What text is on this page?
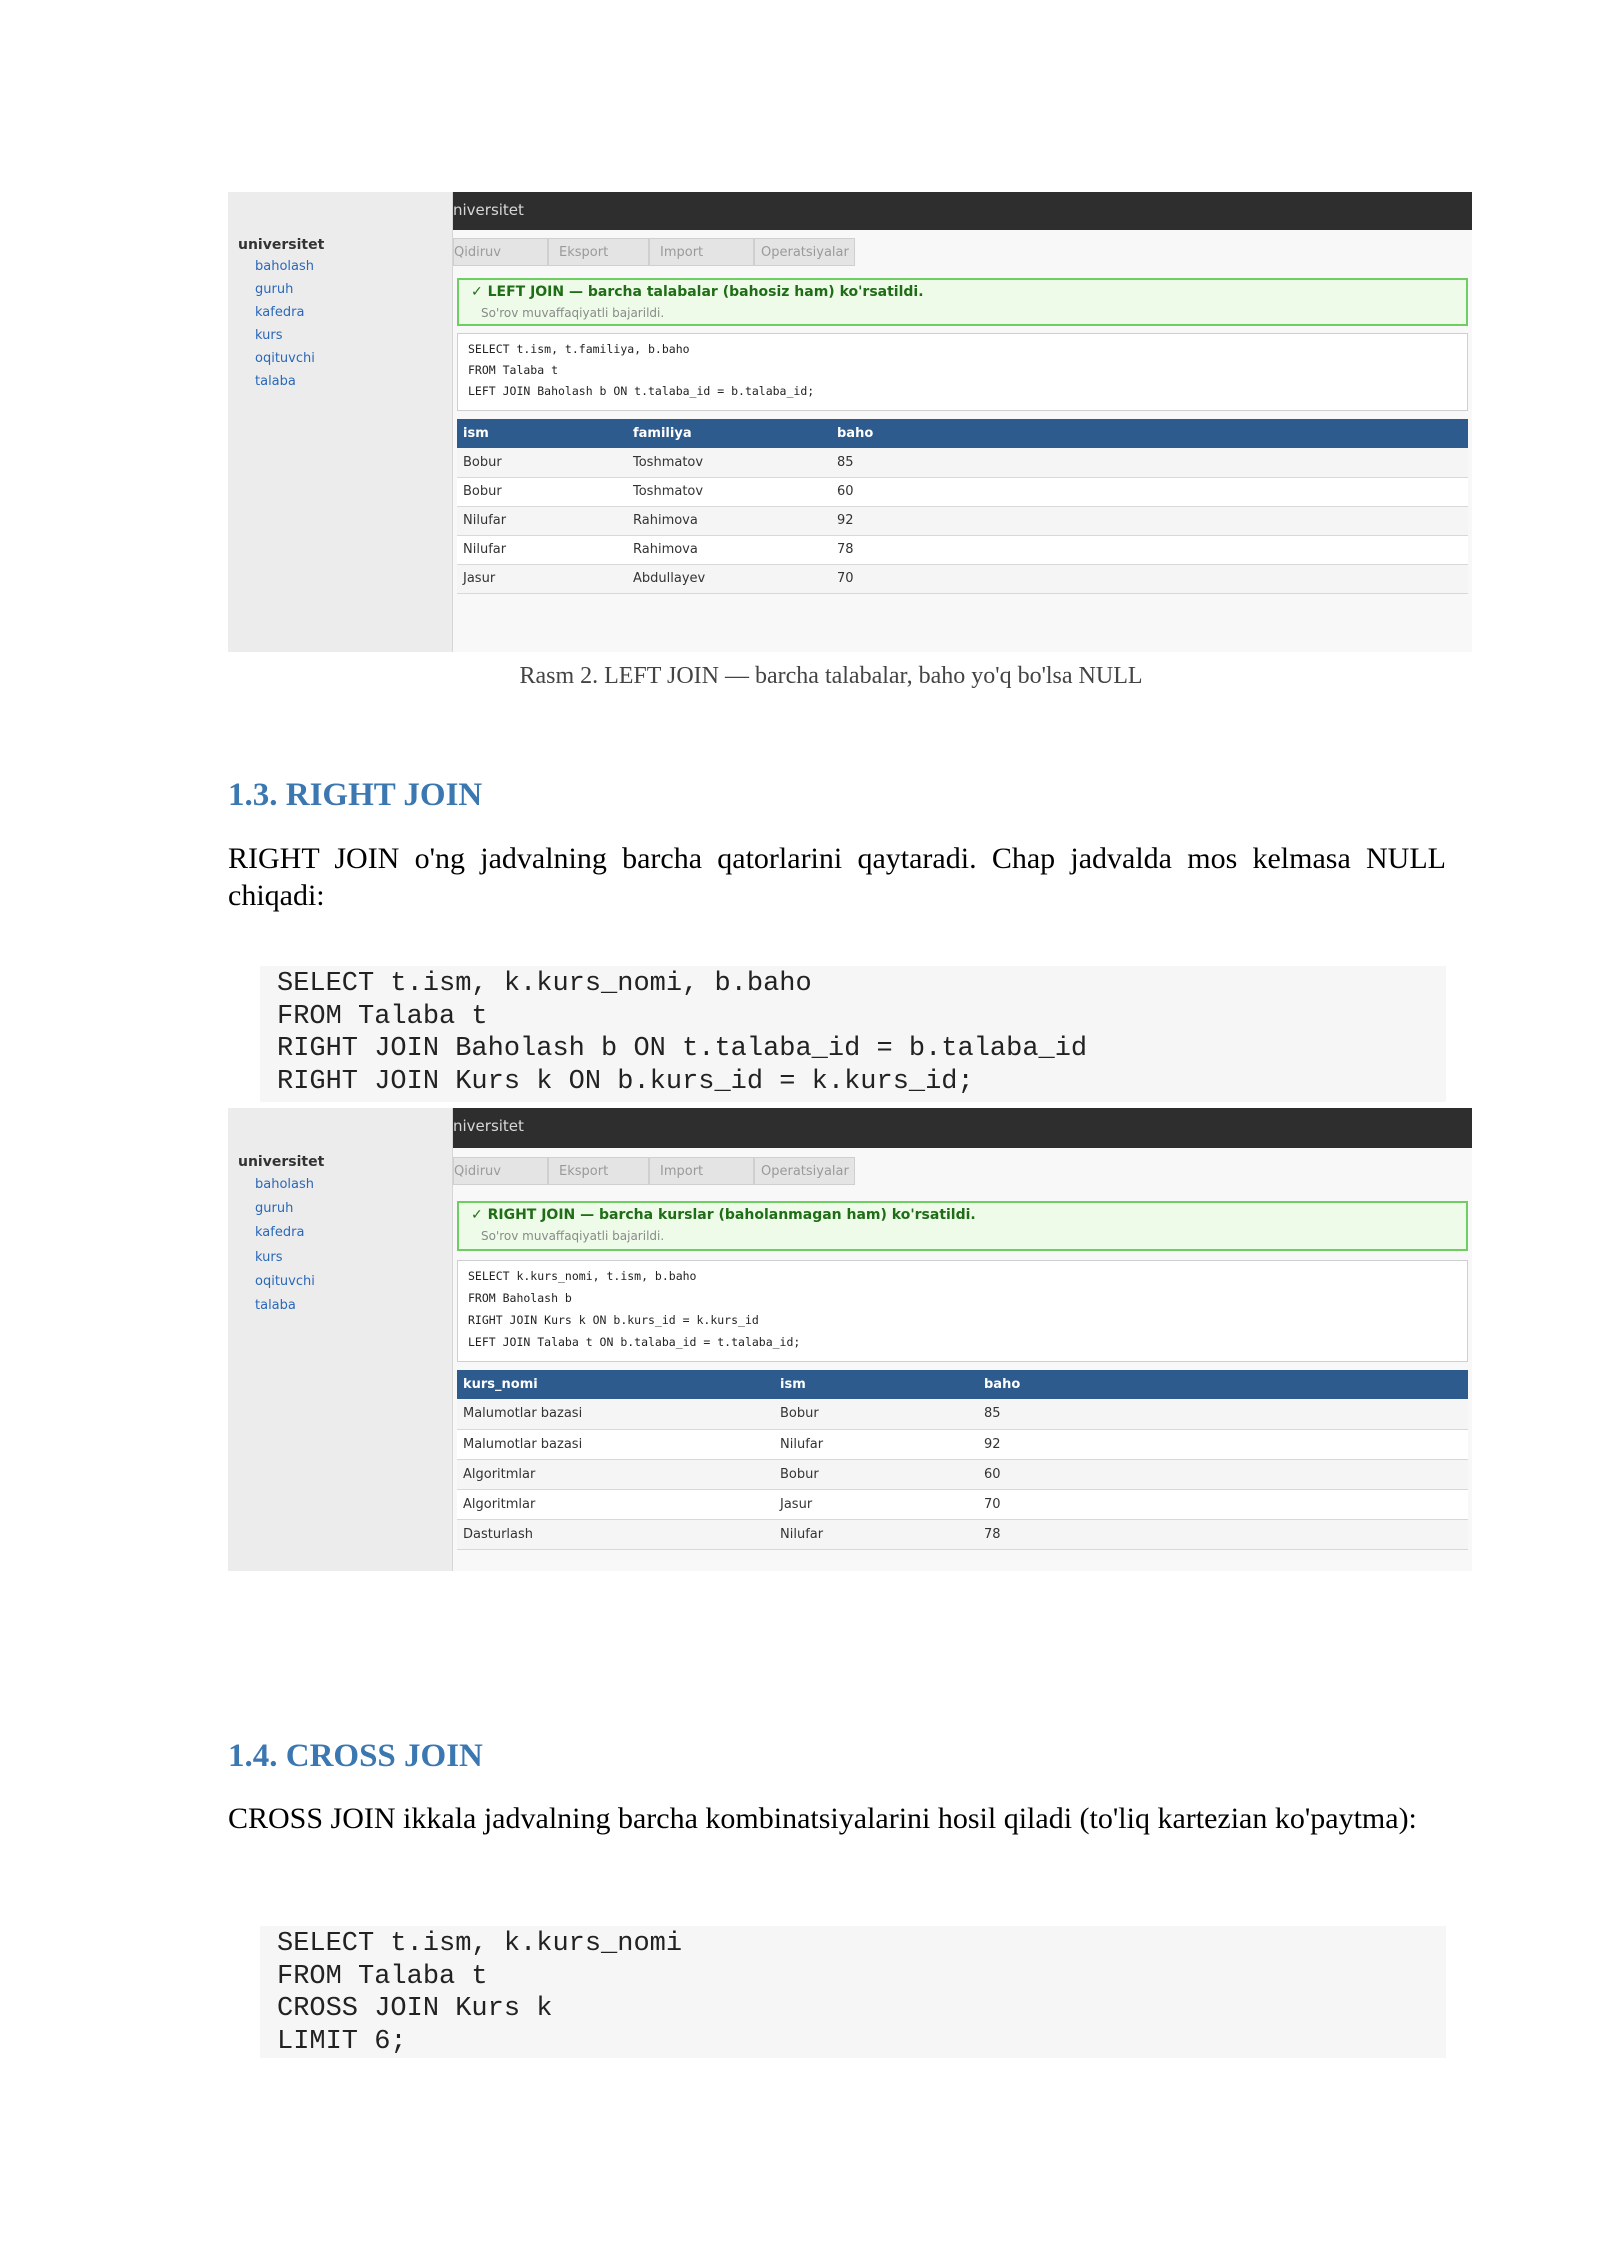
universitet
baholash
guruh
kafedra
kurs
oqituvchi
talaba
niversitet
Qidiruv	Eksport	Import	Operatsiyalar
✓ LEFT JOIN — barcha talabalar (bahosiz ham) ko'rsatildi.
So'rov muvaffaqiyatli bajarildi.
SELECT t.ism, t.familiya, b.baho
FROM Talaba t
LEFT JOIN Baholash b ON t.talaba_id = b.talaba_id;
ism	familiya	baho
Bobur	Toshmatov	85
Bobur	Toshmatov	60
Nilufar	Rahimova	92
Nilufar	Rahimova	78
Jasur	Abdullayev	70
Rasm 2. LEFT JOIN — barcha talabalar, baho yo'q bo'lsa NULL
1.3. RIGHT JOIN
RIGHT JOIN o'ng jadvalning barcha qatorlarini qaytaradi. Chap jadvalda mos kelmasa NULL chiqadi:
SELECT t.ism, k.kurs_nomi, b.baho
FROM Talaba t
RIGHT JOIN Baholash b ON t.talaba_id = b.talaba_id
RIGHT JOIN Kurs k ON b.kurs_id = k.kurs_id;
universitet
baholash
guruh
kafedra
kurs
oqituvchi
talaba
niversitet
Qidiruv	Eksport	Import	Operatsiyalar
✓ RIGHT JOIN — barcha kurslar (baholanmagan ham) ko'rsatildi.
So'rov muvaffaqiyatli bajarildi.
SELECT k.kurs_nomi, t.ism, b.baho
FROM Baholash b
RIGHT JOIN Kurs k ON b.kurs_id = k.kurs_id
LEFT JOIN Talaba t ON b.talaba_id = t.talaba_id;
kurs_nomi	ism	baho
Malumotlar bazasi	Bobur	85
Malumotlar bazasi	Nilufar	92
Algoritmlar	Bobur	60
Algoritmlar	Jasur	70
Dasturlash	Nilufar	78
1.4. CROSS JOIN
CROSS JOIN ikkala jadvalning barcha kombinatsiyalarini hosil qiladi (to'liq kartezian ko'paytma):
SELECT t.ism, k.kurs_nomi
FROM Talaba t
CROSS JOIN Kurs k
LIMIT 6;
